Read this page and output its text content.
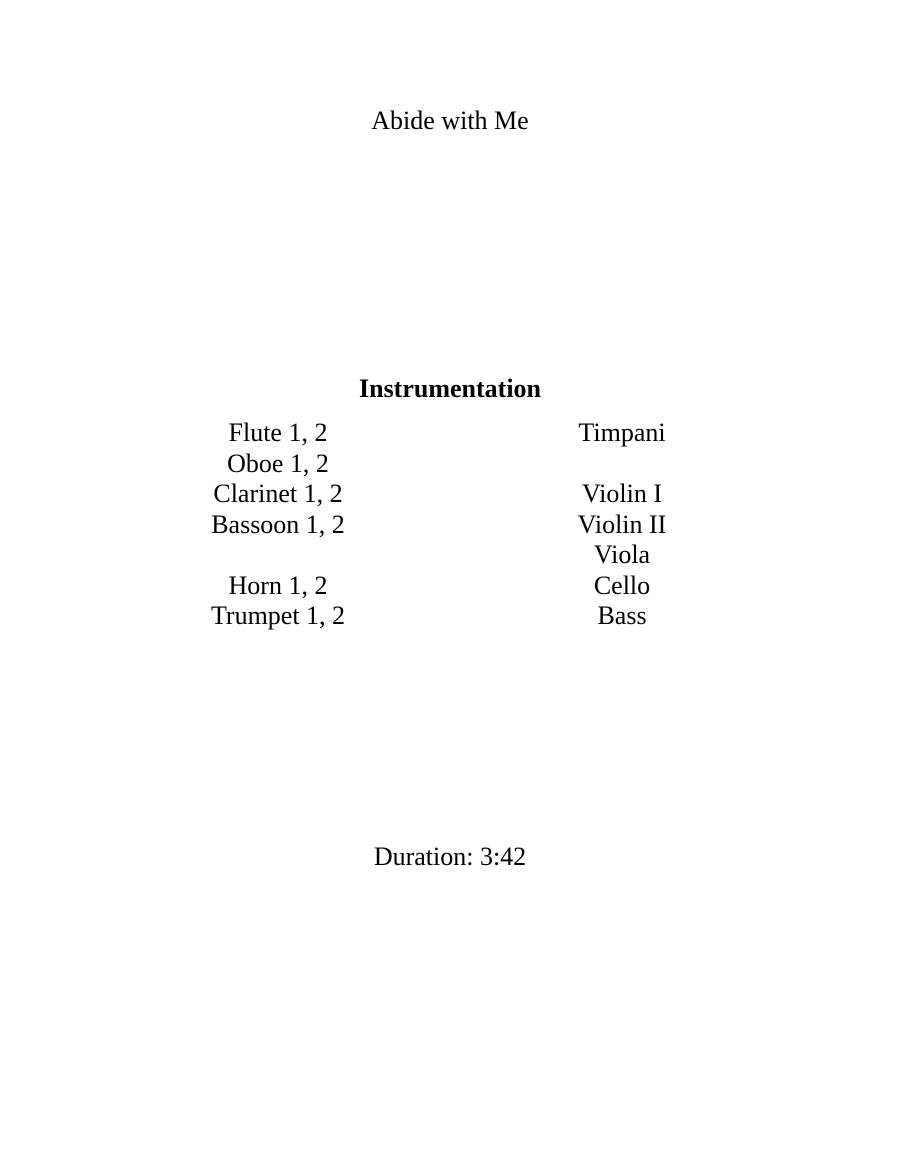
Abide with Me
Instrumentation
Flute 1, 2
Oboe 1, 2
Clarinet 1, 2
Bassoon 1, 2
Horn 1, 2
Trumpet 1, 2
Timpani
Violin I
Violin II
Viola
Cello
Bass
Duration: 3:42
